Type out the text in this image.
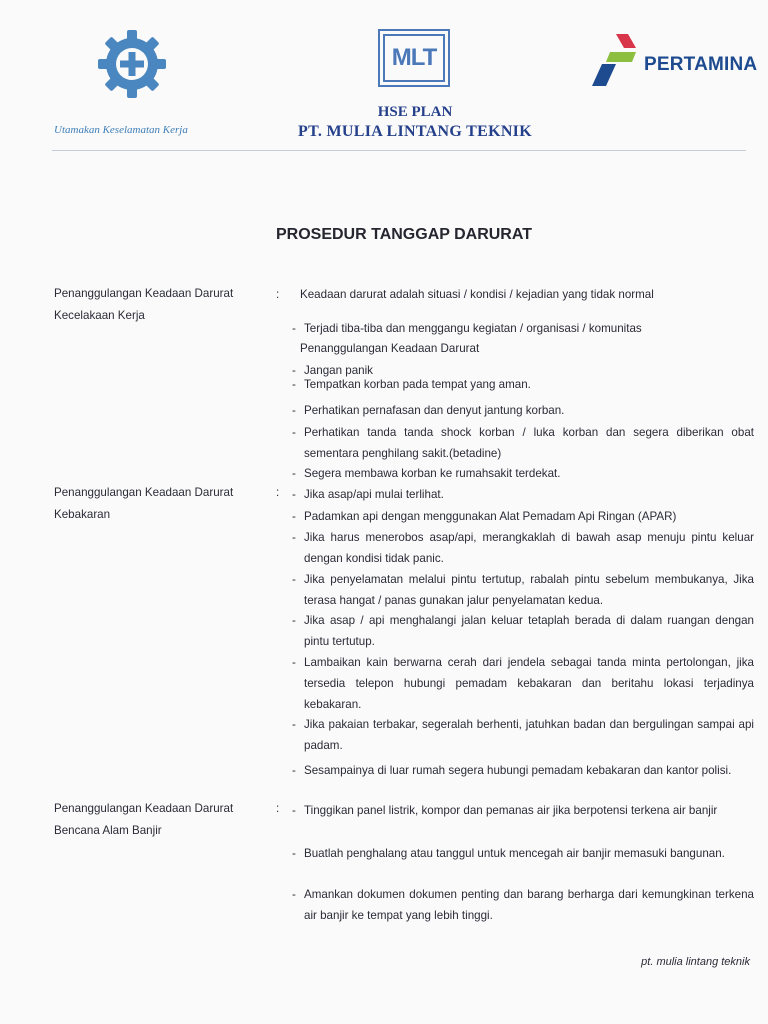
Utamakan Keselamatan Kerja
MLT	PERTAMINA
HSE PLAN
PT. MULIA LINTANG TEKNIK
PROSEDUR TANGGAP DARURAT
Penanggulangan Keadaan Darurat
Kecelakaan Kerja
: Keadaan darurat adalah situasi / kondisi / kejadian yang tidak normal
- Terjadi tiba-tiba dan menggangu kegiatan / organisasi / komunitas
Penanggulangan Keadaan Darurat
- Jangan panik
- Tempatkan korban pada tempat yang aman.
- Perhatikan pernafasan dan denyut jantung korban.
- Perhatikan tanda tanda shock korban / luka korban dan segera diberikan obat sementara penghilang sakit.(betadine)
- Segera membawa korban ke rumahsakit terdekat.
Penanggulangan Keadaan Darurat
Kebakaran
: - Jika asap/api mulai terlihat.
- Padamkan api dengan menggunakan Alat Pemadam Api Ringan (APAR)
- Jika harus menerobos asap/api, merangkaklah di bawah asap menuju pintu keluar dengan kondisi tidak panic.
- Jika penyelamatan melalui pintu tertutup, rabalah pintu sebelum membukanya, Jika terasa hangat / panas gunakan jalur penyelamatan kedua.
- Jika asap / api menghalangi jalan keluar tetaplah berada di dalam ruangan dengan pintu tertutup.
- Lambaikan kain berwarna cerah dari jendela sebagai tanda minta pertolongan, jika tersedia telepon hubungi pemadam kebakaran dan beritahu lokasi terjadinya kebakaran.
- Jika pakaian terbakar, segeralah berhenti, jatuhkan badan dan bergulingan sampai api padam.
- Sesampainya di luar rumah segera hubungi pemadam kebakaran dan kantor polisi.
Penanggulangan Keadaan Darurat
Bencana Alam Banjir
: - Tinggikan panel listrik, kompor dan pemanas air jika berpotensi terkena air banjir
- Buatlah penghalang atau tanggul untuk mencegah air banjir memasuki bangunan.
- Amankan dokumen dokumen penting dan barang berharga dari kemungkinan terkena air banjir ke tempat yang lebih tinggi.
pt. mulia lintang teknik
